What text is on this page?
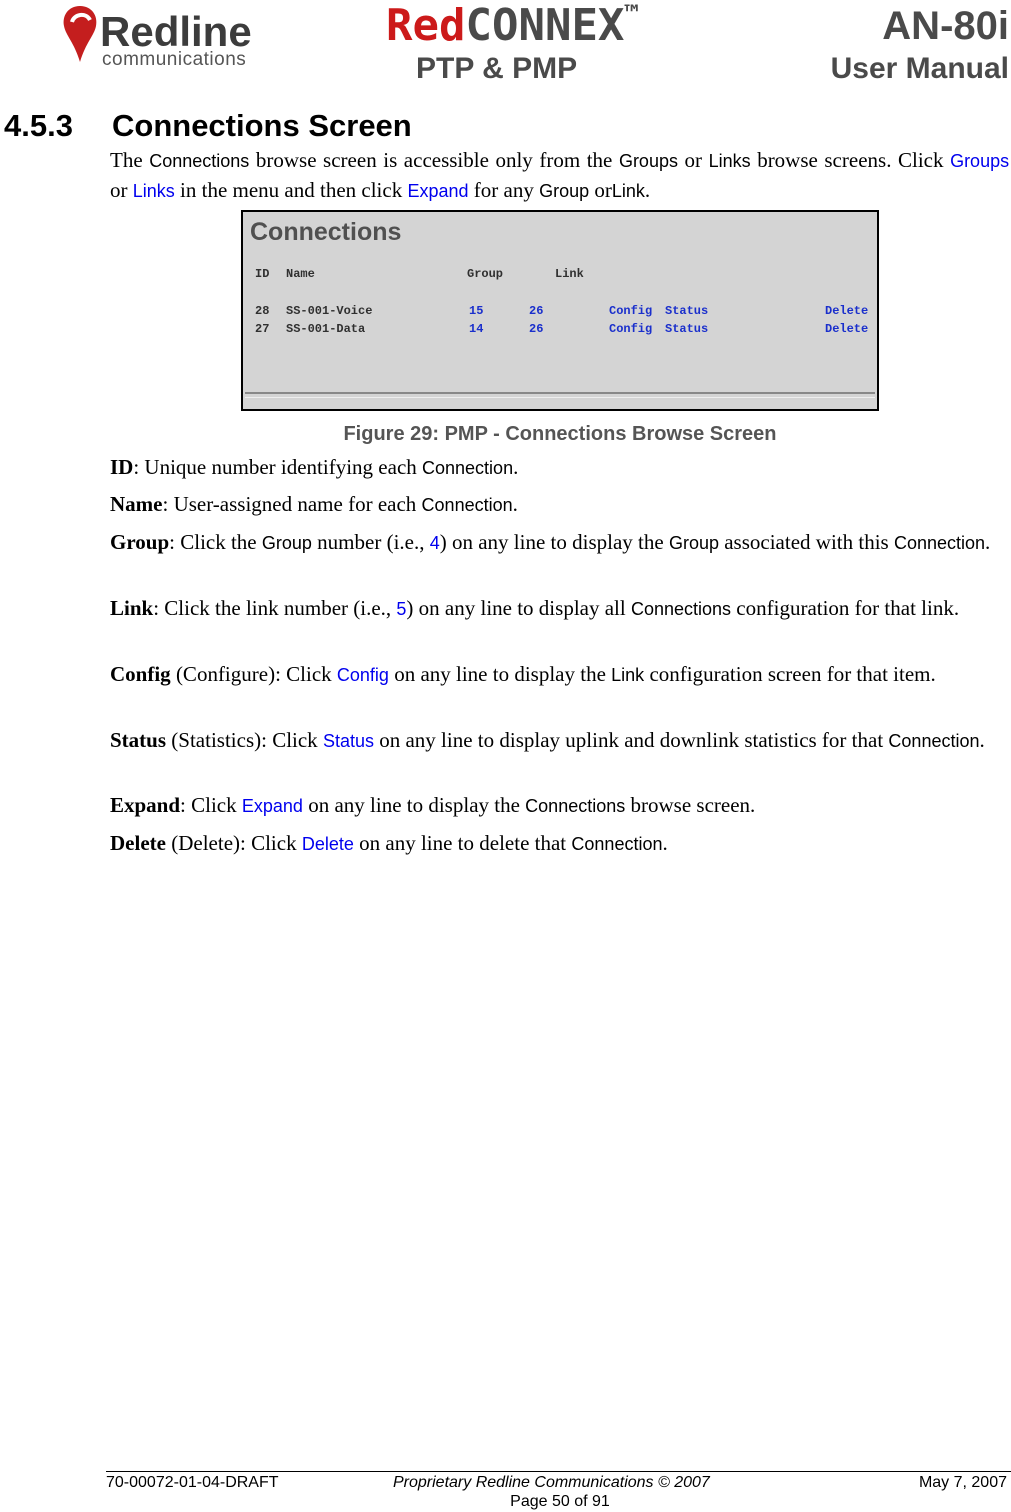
Redline
communications
RedCONNEX™	AN-80i
PTP & PMP	User Manual
4.5.3 Connections Screen
The Connections browse screen is accessible only from the Groups or Links browse screens. Click Groups or Links in the menu and then click Expand for any Group orLink.
Connections
ID Name	Group	Link
28 SS-001-Voice	15	26	Config Status	Delete
27 SS-001-Data	14	26	Config Status	Delete
Figure 29: PMP - Connections Browse Screen
ID: Unique number identifying each Connection.
Name: User-assigned name for each Connection.
Group: Click the Group number (i.e., 4) on any line to display the Group associated with this Connection.
Link: Click the link number (i.e., 5) on any line to display all Connections configuration for that link.
Config (Configure): Click Config on any line to display the Link configuration screen for that item.
Status (Statistics): Click Status on any line to display uplink and downlink statistics for that Connection.
Expand: Click Expand on any line to display the Connections browse screen.
Delete (Delete): Click Delete on any line to delete that Connection.
70-00072-01-04-DRAFT	Proprietary Redline Communications © 2007	May 7, 2007
Page 50 of 91
